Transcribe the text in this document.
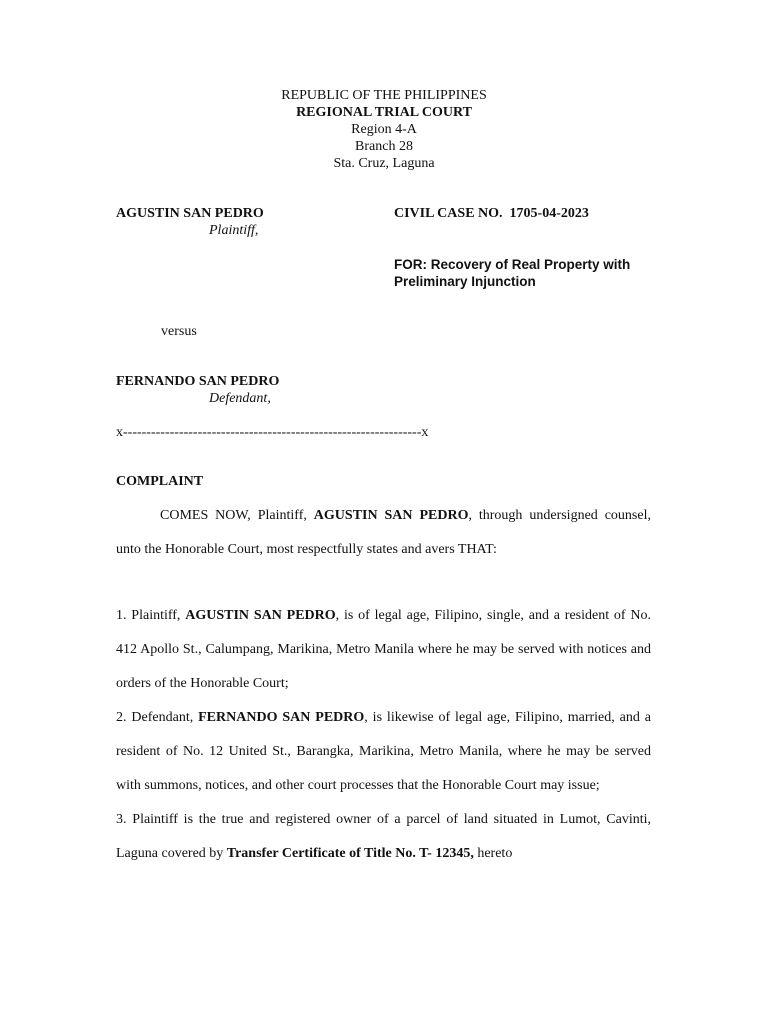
REPUBLIC OF THE PHILIPPINES
REGIONAL TRIAL COURT
Region 4-A
Branch 28
Sta. Cruz, Laguna
AGUSTIN SAN PEDRO
Plaintiff,
CIVIL CASE NO. 1705-04-2023
FOR: Recovery of Real Property with
Preliminary Injunction
versus
FERNANDO SAN PEDRO
Defendant,
x----------------------------------------------------------------x
COMPLAINT

COMES NOW, Plaintiff, AGUSTIN SAN PEDRO, through undersigned counsel, unto the Honorable Court, most respectfully states and avers THAT:

1. Plaintiff, AGUSTIN SAN PEDRO, is of legal age, Filipino, single, and a resident of No. 412 Apollo St., Calumpang, Marikina, Metro Manila where he may be served with notices and orders of the Honorable Court;

2. Defendant, FERNANDO SAN PEDRO, is likewise of legal age, Filipino, married, and a resident of No. 12 United St., Barangka, Marikina, Metro Manila, where he may be served with summons, notices, and other court processes that the Honorable Court may issue;

3. Plaintiff is the true and registered owner of a parcel of land situated in Lumot, Cavinti, Laguna covered by Transfer Certificate of Title No. T- 12345, hereto
